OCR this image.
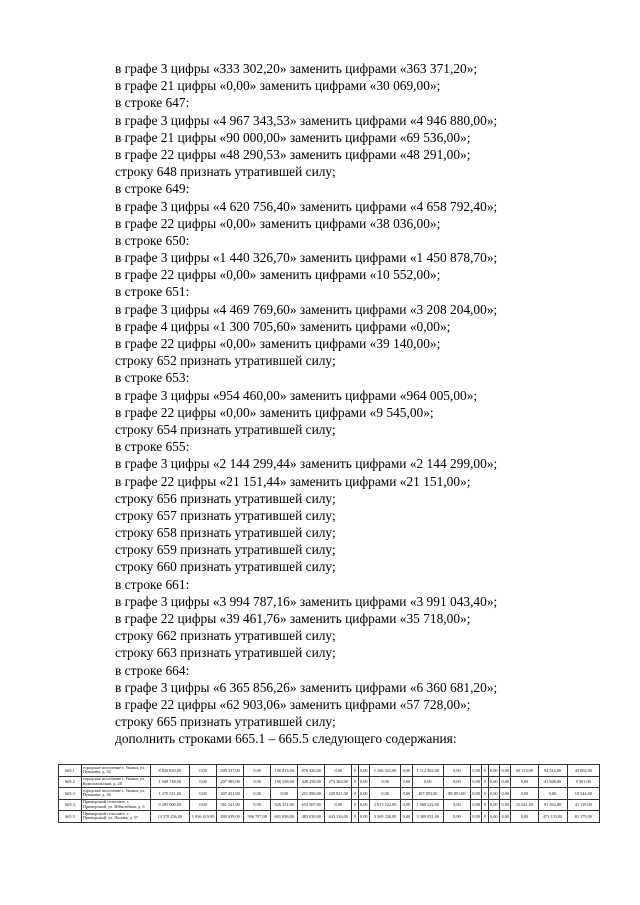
в графе 3 цифры «333 302,20» заменить цифрами «363 371,20»;
в графе 21 цифры «0,00» заменить цифрами «30 069,00»;
в строке 647:
в графе 3 цифры «4 967 343,53» заменить цифрами «4 946 880,00»;
в графе 21 цифры «90 000,00» заменить цифрами «69 536,00»;
в графе 22 цифры «48 290,53» заменить цифрами «48 291,00»;
строку 648 признать утратившей силу;
в строке 649:
в графе 3 цифры «4 620 756,40» заменить цифрами «4 658 792,40»;
в графе 22 цифры «0,00» заменить цифрами «38 036,00»;
в строке 650:
в графе 3 цифры «1 440 326,70» заменить цифрами «1 450 878,70»;
в графе 22 цифры «0,00» заменить цифрами «10 552,00»;
в строке 651:
в графе 3 цифры «4 469 769,60» заменить цифрами «3 208 204,00»;
в графе 4 цифры «1 300 705,60» заменить цифрами «0,00»;
в графе 22 цифры «0,00» заменить цифрами «39 140,00»;
строку 652 признать утратившей силу;
в строке 653:
в графе 3 цифры «954 460,00» заменить цифрами «964 005,00»;
в графе 22 цифры «0,00» заменить цифрами «9 545,00»;
строку 654 признать утратившей силу;
в строке 655:
в графе 3 цифры «2 144 299,44» заменить цифрами «2 144 299,00»;
в графе 22 цифры «21 151,44» заменить цифрами «21 151,00»;
строку 656 признать утратившей силу;
строку 657 признать утратившей силу;
строку 658 признать утратившей силу;
строку 659 признать утратившей силу;
строку 660 признать утратившей силу;
в строке 661:
в графе 3 цифры «3 994 787,16» заменить цифрами «3 991 043,40»;
в графе 22 цифры «39 461,76» заменить цифрами «35 718,00»;
строку 662 признать утратившей силу;
строку 663 признать утратившей силу;
в строке 664:
в графе 3 цифры «6 365 856,26» заменить цифрами «6 360 681,20»;
в графе 22 цифры «62 903,06» заменить цифрами «57 728,00»;
строку 665 признать утратившей силу;
дополнить строками 665.1 – 665.5 следующего содержания:
665.1	городское поселение г. Ушаки, ул. Пушкина, д. 32	8 820 830,00	0,00	209 337,00	0,00	106 813,00	876 320,00	0,00	0	0,00	1 166 321,00	0,00	1 112 362,00	0,00	0,00	0	0,00	0,00	60 113,00	94 512,00	43 002,00
665.2	городское поселение г. Ушаки, ул. Комсомольская, д. 28	1 349 748,00	0,00	207 385,00	0,00	196 538,00	349 258,00	273 362,00	0	0,00	0,00	0,00	0,00	0,00	0,00	0	0,00	0,00	0,00	41 848,00	9 301,00
665.3	городское поселение г. Ушаки, ул. Пушкина, д. 46	1 370 511,00	0,00	207 431,00	0,00	0,00	251 890,00	228 821,00	0	0,00	0,00	0,00	497 853,00	88 891,00	0,00	0	0,00	0,00	0,00	0,00	18 544,00
665.4	Приморский сельсовет, с. Приморский, ул. Юбилейная, д. 6	9 285 000,00	0,00	381 541,00	0,00	326 251,00	653 367,00	0,00	0	0,00	2 813 522,00	0,00	1 060 222,00	0,00	0,00	0	0,00	0,00	15 621,00	91 562,00	41 119,00
665.5	Приморский сельсовет, с. Приморский, ул. Лесная, д. 57	14 378 256,00	1 936 419,00	490 039,00	396 707,00	681 928,00	483 030,00	643 326,00	0	0,00	3 369 230,00	0,00	3 309 851,00	0,00	0,00	0	0,00	0,00	0,00	473 133,00	81 379,00
